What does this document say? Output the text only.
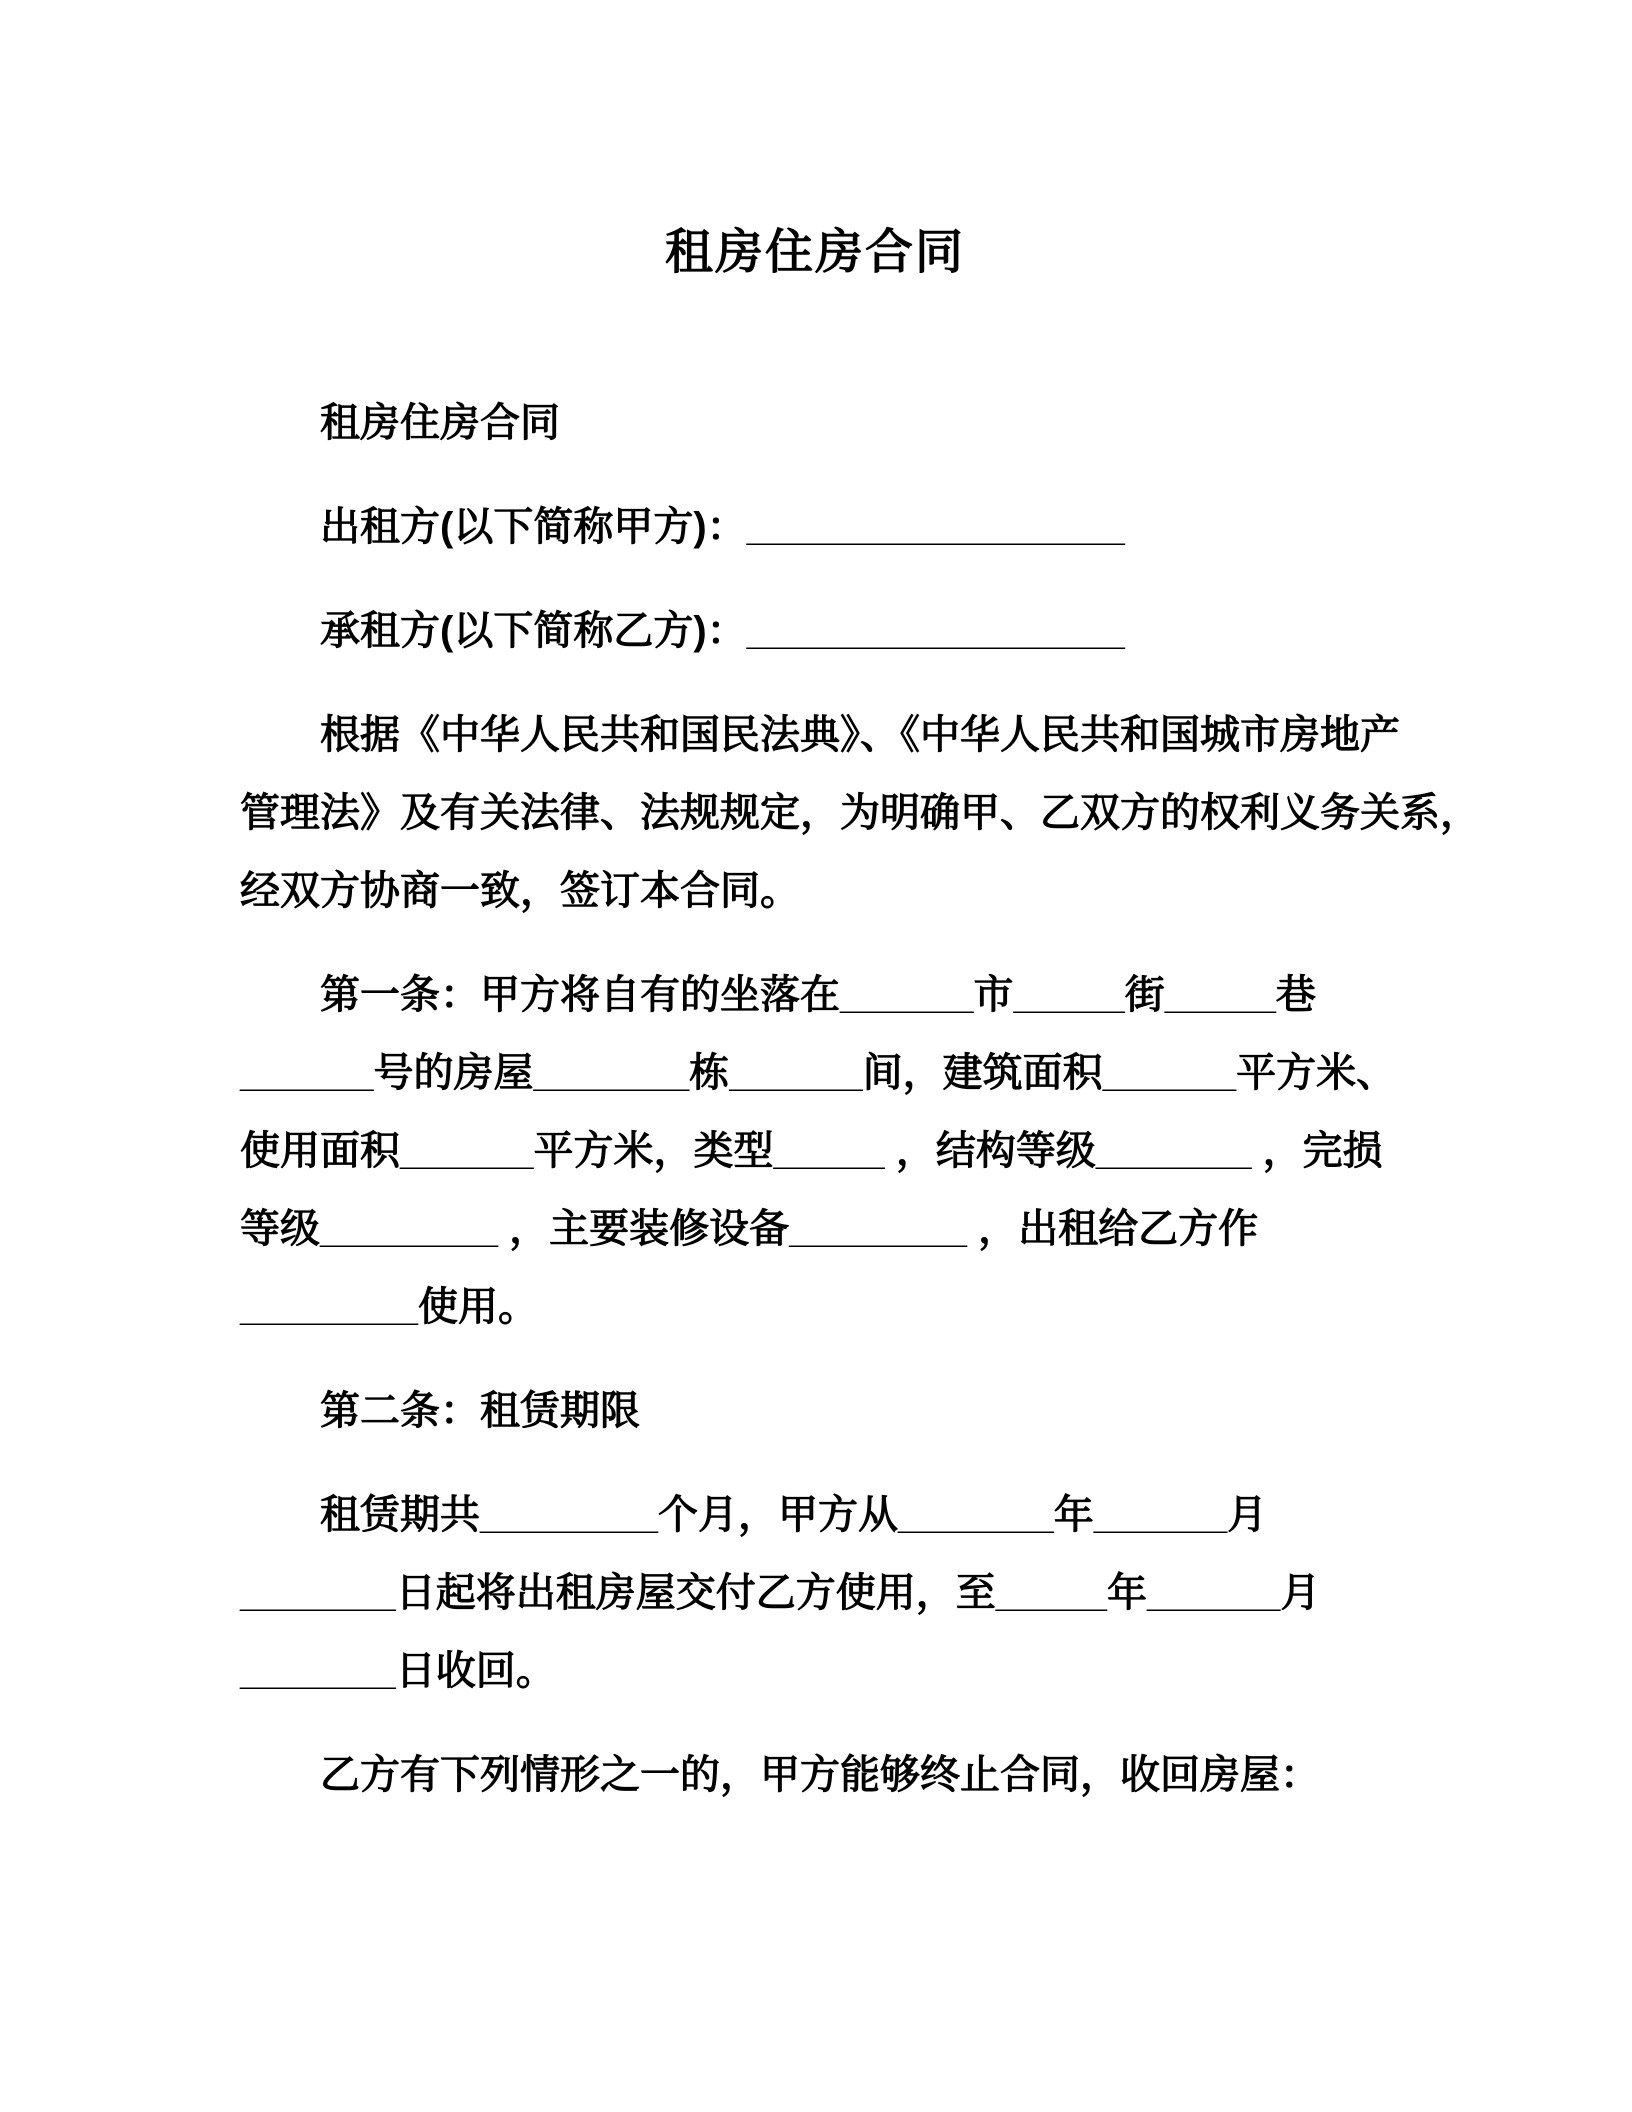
租房住房合同
租房住房合同
出租方(以下简称甲方)：_________________
承租方(以下简称乙方)：_________________
根据《中华人民共和国民法典》、《中华人民共和国城市房地产
管理法》及有关法律、法规规定，为明确甲、乙双方的权利义务关系，
经双方协商一致，签订本合同。
第一条：甲方将自有的坐落在______市_____街_____巷
______号的房屋_______栋______间，建筑面积______平方米、
使用面积______平方米，类型_____ ，结构等级_______ ，完损
等级________ ，主要装修设备________ ，出租给乙方作
________使用。
第二条：租赁期限
租赁期共________个月，甲方从_______年______月
_______日起将出租房屋交付乙方使用，至_____年______月
_______日收回。
乙方有下列情形之一的，甲方能够终止合同，收回房屋：
